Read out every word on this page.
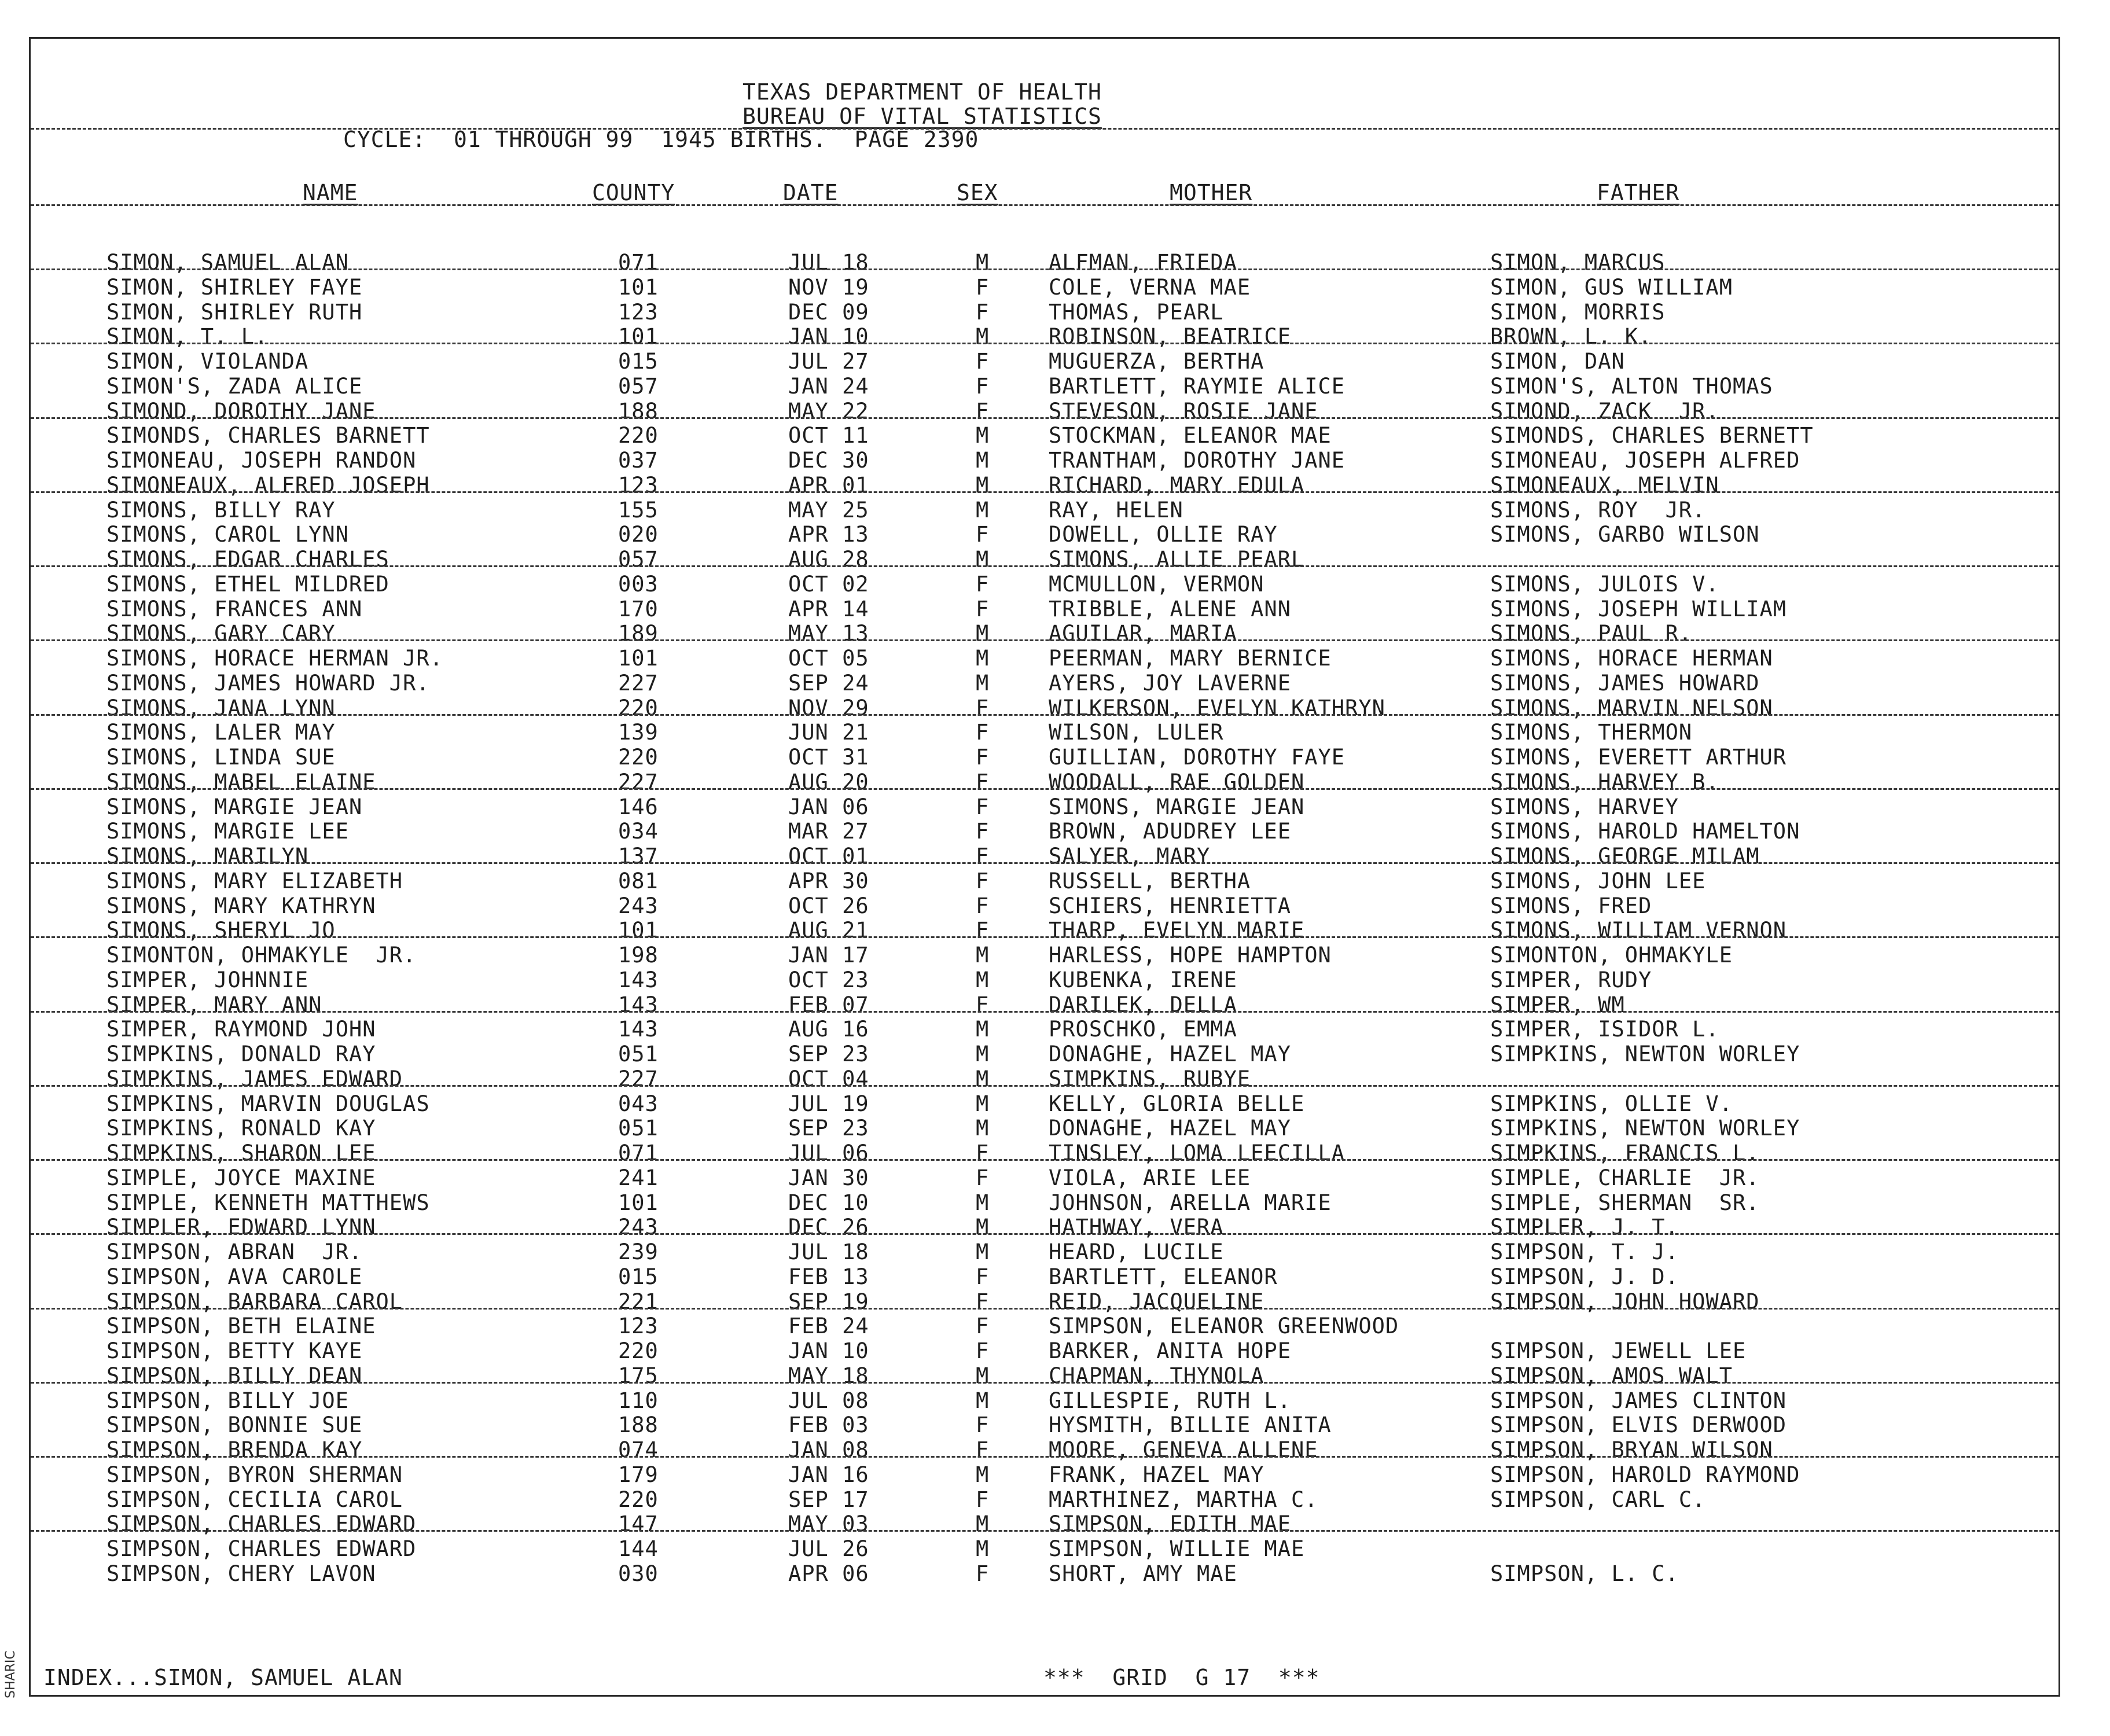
SHARIC
TEXAS DEPARTMENT OF HEALTH
BUREAU OF VITAL STATISTICS
CYCLE:  01 THROUGH 99  1945 BIRTHS.  PAGE 2390
NAME	COUNTY	DATE	SEX	MOTHER	FATHER
SIMON, SAMUEL ALAN	071	JUL 18	M	ALFMAN, FRIEDA	SIMON, MARCUS
SIMON, SHIRLEY FAYE	101	NOV 19	F	COLE, VERNA MAE	SIMON, GUS WILLIAM
SIMON, SHIRLEY RUTH	123	DEC 09	F	THOMAS, PEARL	SIMON, MORRIS
SIMON, T. L.	101	JAN 10	M	ROBINSON, BEATRICE	BROWN, L. K.
SIMON, VIOLANDA	015	JUL 27	F	MUGUERZA, BERTHA	SIMON, DAN
SIMON'S, ZADA ALICE	057	JAN 24	F	BARTLETT, RAYMIE ALICE	SIMON'S, ALTON THOMAS
SIMOND, DOROTHY JANE	188	MAY 22	F	STEVESON, ROSIE JANE	SIMOND, ZACK  JR.
SIMONDS, CHARLES BARNETT	220	OCT 11	M	STOCKMAN, ELEANOR MAE	SIMONDS, CHARLES BERNETT
SIMONEAU, JOSEPH RANDON	037	DEC 30	M	TRANTHAM, DOROTHY JANE	SIMONEAU, JOSEPH ALFRED
SIMONEAUX, ALFRED JOSEPH	123	APR 01	M	RICHARD, MARY EDULA	SIMONEAUX, MELVIN
SIMONS, BILLY RAY	155	MAY 25	M	RAY, HELEN	SIMONS, ROY  JR.
SIMONS, CAROL LYNN	020	APR 13	F	DOWELL, OLLIE RAY	SIMONS, GARBO WILSON
SIMONS, EDGAR CHARLES	057	AUG 28	M	SIMONS, ALLIE PEARL
SIMONS, ETHEL MILDRED	003	OCT 02	F	MCMULLON, VERMON	SIMONS, JULOIS V.
SIMONS, FRANCES ANN	170	APR 14	F	TRIBBLE, ALENE ANN	SIMONS, JOSEPH WILLIAM
SIMONS, GARY CARY	189	MAY 13	M	AGUILAR, MARIA	SIMONS, PAUL R.
SIMONS, HORACE HERMAN JR.	101	OCT 05	M	PEERMAN, MARY BERNICE	SIMONS, HORACE HERMAN
SIMONS, JAMES HOWARD JR.	227	SEP 24	M	AYERS, JOY LAVERNE	SIMONS, JAMES HOWARD
SIMONS, JANA LYNN	220	NOV 29	F	WILKERSON, EVELYN KATHRYN	SIMONS, MARVIN NELSON
SIMONS, LALER MAY	139	JUN 21	F	WILSON, LULER	SIMONS, THERMON
SIMONS, LINDA SUE	220	OCT 31	F	GUILLIAN, DOROTHY FAYE	SIMONS, EVERETT ARTHUR
SIMONS, MABEL ELAINE	227	AUG 20	F	WOODALL, RAE GOLDEN	SIMONS, HARVEY B.
SIMONS, MARGIE JEAN	146	JAN 06	F	SIMONS, MARGIE JEAN	SIMONS, HARVEY
SIMONS, MARGIE LEE	034	MAR 27	F	BROWN, ADUDREY LEE	SIMONS, HAROLD HAMELTON
SIMONS, MARILYN	137	OCT 01	F	SALYER, MARY	SIMONS, GEORGE MILAM
SIMONS, MARY ELIZABETH	081	APR 30	F	RUSSELL, BERTHA	SIMONS, JOHN LEE
SIMONS, MARY KATHRYN	243	OCT 26	F	SCHIERS, HENRIETTA	SIMONS, FRED
SIMONS, SHERYL JO	101	AUG 21	F	THARP, EVELYN MARIE	SIMONS, WILLIAM VERNON
SIMONTON, OHMAKYLE  JR.	198	JAN 17	M	HARLESS, HOPE HAMPTON	SIMONTON, OHMAKYLE
SIMPER, JOHNNIE	143	OCT 23	M	KUBENKA, IRENE	SIMPER, RUDY
SIMPER, MARY ANN	143	FEB 07	F	DARILEK, DELLA	SIMPER, WM
SIMPER, RAYMOND JOHN	143	AUG 16	M	PROSCHKO, EMMA	SIMPER, ISIDOR L.
SIMPKINS, DONALD RAY	051	SEP 23	M	DONAGHE, HAZEL MAY	SIMPKINS, NEWTON WORLEY
SIMPKINS, JAMES EDWARD	227	OCT 04	M	SIMPKINS, RUBYE
SIMPKINS, MARVIN DOUGLAS	043	JUL 19	M	KELLY, GLORIA BELLE	SIMPKINS, OLLIE V.
SIMPKINS, RONALD KAY	051	SEP 23	M	DONAGHE, HAZEL MAY	SIMPKINS, NEWTON WORLEY
SIMPKINS, SHARON LEE	071	JUL 06	F	TINSLEY, LOMA LEECILLA	SIMPKINS, FRANCIS L.
SIMPLE, JOYCE MAXINE	241	JAN 30	F	VIOLA, ARIE LEE	SIMPLE, CHARLIE  JR.
SIMPLE, KENNETH MATTHEWS	101	DEC 10	M	JOHNSON, ARELLA MARIE	SIMPLE, SHERMAN  SR.
SIMPLER, EDWARD LYNN	243	DEC 26	M	HATHWAY, VERA	SIMPLER, J. T.
SIMPSON, ABRAN  JR.	239	JUL 18	M	HEARD, LUCILE	SIMPSON, T. J.
SIMPSON, AVA CAROLE	015	FEB 13	F	BARTLETT, ELEANOR	SIMPSON, J. D.
SIMPSON, BARBARA CAROL	221	SEP 19	F	REID, JACQUELINE	SIMPSON, JOHN HOWARD
SIMPSON, BETH ELAINE	123	FEB 24	F	SIMPSON, ELEANOR GREENWOOD
SIMPSON, BETTY KAYE	220	JAN 10	F	BARKER, ANITA HOPE	SIMPSON, JEWELL LEE
SIMPSON, BILLY DEAN	175	MAY 18	M	CHAPMAN, THYNOLA	SIMPSON, AMOS WALT
SIMPSON, BILLY JOE	110	JUL 08	M	GILLESPIE, RUTH L.	SIMPSON, JAMES CLINTON
SIMPSON, BONNIE SUE	188	FEB 03	F	HYSMITH, BILLIE ANITA	SIMPSON, ELVIS DERWOOD
SIMPSON, BRENDA KAY	074	JAN 08	F	MOORE, GENEVA ALLENE	SIMPSON, BRYAN WILSON
SIMPSON, BYRON SHERMAN	179	JAN 16	M	FRANK, HAZEL MAY	SIMPSON, HAROLD RAYMOND
SIMPSON, CECILIA CAROL	220	SEP 17	F	MARTHINEZ, MARTHA C.	SIMPSON, CARL C.
SIMPSON, CHARLES EDWARD	147	MAY 03	M	SIMPSON, EDITH MAE
SIMPSON, CHARLES EDWARD	144	JUL 26	M	SIMPSON, WILLIE MAE
SIMPSON, CHERY LAVON	030	APR 06	F	SHORT, AMY MAE	SIMPSON, L. C.
INDEX...SIMON, SAMUEL ALAN	***  GRID  G 17  ***
